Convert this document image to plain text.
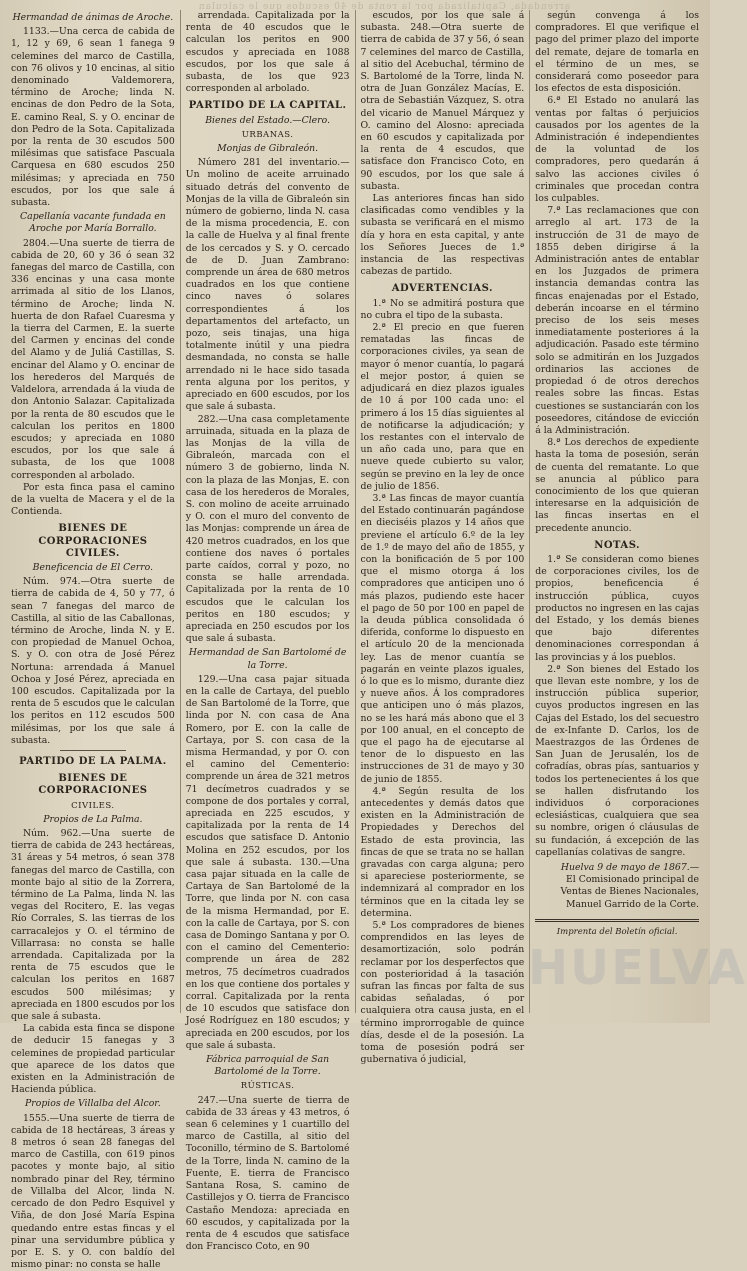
arrendada, Capitalizada por la renta de 40 escudos que le calculan
Hermandad de ánimas de Aroche.

1133.—Una cerca de cabida de 1, 12 y 69, 6 sean 1 fanega 9 celemines del marco de Castilla, con 76 olivos y 10 encinas, al sitio denominado Valdemorera, término de Aroche; linda N. encinas de don Pedro de la Sota, E. camino Real, S. y O. encinar de don Pedro de la Sota. Capitalizada por la renta de 30 escudos 500 milésimas que satisface Pascuala Carquesa en 680 escudos 250 milésimas; y apreciada en 750 escudos, por los que sale á subasta.

Capellanía vacante fundada en Aroche por María Borrallo.

2804.—Una suerte de tierra de cabida de 20, 60 y 36 ó sean 32 fanegas del marco de Castilla, con 336 encinas y una casa monte arrimada al sitio de los Llanos, término de Aroche; linda N. huerta de don Rafael Cuaresma y la tierra del Carmen, E. la suerte del Carmen y encinas del conde del Alamo y de Juliá Castillas, S. encinar del Alamo y O. encinar de los herederos del Marqués de Valdelora, arrendada á la viuda de don Antonio Salazar. Capitalizada por la renta de 80 escudos que le calculan los peritos en 1800 escudos; y apreciada en 1080 escudos, por los que sale á subasta, de los que 1008 corresponden al arbolado.

Por esta finca pasa el camino de la vuelta de Macera y el de la Contienda.

BIENES DE CORPORACIONES CIVILES.
Beneficencia de El Cerro.

Núm. 974.—Otra suerte de tierra de cabida de 4, 50 y 77, ó sean 7 fanegas del marco de Castilla, al sitio de las Caballonas, término de Aroche, linda N. y E. con propiedad de Manuel Ochoa, S. y O. con otra de José Pérez Nortuna: arrendada á Manuel Ochoa y José Pérez, apreciada en 100 escudos. Capitalizada por la renta de 5 escudos que le calculan los peritos en 112 escudos 500 milésimas, por los que sale á subasta.

PARTIDO DE LA PALMA.
BIENES DE CORPORACIONES
CIVILES.
Propios de La Palma.

Núm. 962.—Una suerte de tierra de cabida de 243 hectáreas, 31 áreas y 54 metros, ó sean 378 fanegas del marco de Castilla, con monte bajo al sitio de la Zorrera, término de La Palma, linda N. las vegas del Rocitero, E. las vegas Río Corrales, S. las tierras de los carracalejos y O. el término de Villarrasa: no consta se halle arrendada. Capitalizada por la renta de 75 escudos que le calculan los peritos en 1687 escudos 500 milésimas; y apreciada en 1800 escudos por los que sale á subasta.

La cabida esta finca se dispone de deducir 15 fanegas y 3 celemines de propiedad particular que aparece de los datos que existen en la Administración de Hacienda pública.

Propios de Villalba del Alcor.

1555.—Una suerte de tierra de cabida de 18 hectáreas, 3 áreas y 8 metros ó sean 28 fanegas del marco de Castilla, con 619 pinos pacotes y monte bajo, al sitio nombrado pinar del Rey, término de Villalba del Alcor, linda N. cercado de don Pedro Esquivel y Viña, de don José María Espina quedando entre estas fincas y el pinar una servidumbre pública y por E. S. y O. con baldío del mismo pinar: no consta se halle

arrendada. Capitalizada por la renta de 40 escudos que le calculan los peritos en 900 escudos y apreciada en 1088 escudos, por los que sale á subasta, de los que 923 corresponden al arbolado.

PARTIDO DE LA CAPITAL.
Bienes del Estado.—Clero.
URBANAS.
Monjas de Gibraleón.

Número 281 del inventario.—Un molino de aceite arruinado situado detrás del convento de Monjas de la villa de Gibraleón sin número de gobierno, linda N. casa de la misma procedencia, E. con la calle de Huelva y al final frente de los cercados y S. y O. cercado de de D. Juan Zambrano: comprende un área de 680 metros cuadrados en los que contiene cinco naves ó solares correspondientes á los departamentos del artefacto, un pozo, seis tinajas, una higa totalmente inútil y una piedra desmandada, no consta se halle arrendado ni le hace sido tasada renta alguna por los peritos, y apreciado en 600 escudos, por los que sale á subasta.

282.—Una casa completamente arruinada, situada en la plaza de las Monjas de la villa de Gibraleón, marcada con el número 3 de gobierno, linda N. con la plaza de las Monjas, E. con casa de los herederos de Morales, S. con molino de aceite arruinado y O. con el muro del convento de las Monjas: comprende un área de 420 metros cuadrados, en los que contiene dos naves ó portales parte caídos, corral y pozo, no consta se halle arrendada. Capitalizada por la renta de 10 escudos que le calculan los peritos en 180 escudos; y apreciada en 250 escudos por los que sale á subasta.

Hermandad de San Bartolomé de la Torre.

129.—Una casa pajar situada en la calle de Cartaya, del pueblo de San Bartolomé de la Torre, que linda por N. con casa de Ana Romero, por E. con la calle de Cartaya, por S. con casa de la misma Hermandad, y por O. con el camino del Cementerio: comprende un área de 321 metros 71 decímetros cuadrados y se compone de dos portales y corral, apreciada en 225 escudos, y capitalizada por la renta de 14 escudos que satisface D. Antonio Molina en 252 escudos, por los que sale á subasta. 130.—Una casa pajar situada en la calle de Cartaya de San Bartolomé de la Torre, que linda por N. con casa de la misma Hermandad, por E. con la calle de Cartaya, por S. con casa de Domingo Santana y por O. con el camino del Cementerio: comprende un área de 282 metros, 75 decímetros cuadrados en los que contiene dos portales y corral. Capitalizada por la renta de 10 escudos que satisface don José Rodríguez en 180 escudos; y apreciada en 200 escudos, por los que sale á subasta.

Fábrica parroquial de San Bartolomé de la Torre.
RÚSTICAS.

247.—Una suerte de tierra de cabida de 33 áreas y 43 metros, ó sean 6 celemines y 1 cuartillo del marco de Castilla, al sitio del Toconillo, término de S. Bartolomé de la Torre, linda N. camino de la Fuente, E. tierra de Francisco Santana Rosa, S. camino de Castillejos y O. tierra de Francisco Castaño Mendoza: apreciada en 60 escudos, y capitalizada por la renta de 4 escudos que satisface don Francisco Coto, en 90

escudos, por los que sale á subasta. 248.—Otra suerte de tierra de cabida de 37 y 56, ó sean 7 celemines del marco de Castilla, al sitio del Acebuchal, término de S. Bartolomé de la Torre, linda N. otra de Juan González Macías, E. otra de Sebastián Vázquez, S. otra del vicario de Manuel Márquez y O. camino del Alosno: apreciada en 60 escudos y capitalizada por la renta de 4 escudos, que satisface don Francisco Coto, en 90 escudos, por los que sale á subasta.

Las anteriores fincas han sido clasificadas como vendibles y la subasta se verificará en el mismo día y hora en esta capital, y ante los Señores Jueces de 1.ª instancia de las respectivas cabezas de partido.

ADVERTENCIAS.

1.ª No se admitirá postura que no cubra el tipo de la subasta.

2.ª El precio en que fueren rematadas las fincas de corporaciones civiles, ya sean de mayor ó menor cuantía, lo pagará el mejor postor, á quien se adjudicará en diez plazos iguales de 10 á por 100 cada uno: el primero á los 15 días siguientes al de notificarse la adjudicación; y los restantes con el intervalo de un año cada uno, para que en nueve quede cubierto su valor, según se previno en la ley de once de julio de 1856.

3.ª Las fincas de mayor cuantía del Estado continuarán pagándose en dieciséis plazos y 14 años que previene el artículo 6.º de la ley de 1.º de mayo del año de 1855, y con la bonificación de 5 por 100 que el mismo otorga á los compradores que anticipen uno ó más plazos, pudiendo este hacer el pago de 50 por 100 en papel de la deuda pública consolidada ó diferida, conforme lo dispuesto en el artículo 20 de la mencionada ley. Las de menor cuantía se pagarán en veinte plazos iguales, ó lo que es lo mismo, durante diez y nueve años. Á los compradores que anticipen uno ó más plazos, no se les hará más abono que el 3 por 100 anual, en el concepto de que el pago ha de ejecutarse al tenor de lo dispuesto en las instrucciones de 31 de mayo y 30 de junio de 1855.

4.ª Según resulta de los antecedentes y demás datos que existen en la Administración de Propiedades y Derechos del Estado de esta provincia, las fincas de que se trata no se hallan gravadas con carga alguna; pero si apareciese posteriormente, se indemnizará al comprador en los términos que en la citada ley se determina.

5.ª Los compradores de bienes comprendidos en las leyes de desamortización, solo podrán reclamar por los desperfectos que con posterioridad á la tasación sufran las fincas por falta de sus cabidas señaladas, ó por cualquiera otra causa justa, en el término improrrogable de quince días, desde el de la posesión. La toma de posesión podrá ser gubernativa ó judicial,

según convenga á los compradores. El que verifique el pago del primer plazo del importe del remate, dejare de tomarla en el término de un mes, se considerará como poseedor para los efectos de esta disposición.

6.ª El Estado no anulará las ventas por faltas ó perjuicios causados por los agentes de la Administración é independientes de la voluntad de los compradores, pero quedarán á salvo las acciones civiles ó criminales que procedan contra los culpables.

7.ª Las reclamaciones que con arreglo al art. 173 de la instrucción de 31 de mayo de 1855 deben dirigirse á la Administración antes de entablar en los Juzgados de primera instancia demandas contra las fincas enajenadas por el Estado, deberán incoarse en el término preciso de los seis meses inmediatamente posteriores á la adjudicación. Pasado este término solo se admitirán en los Juzgados ordinarios las acciones de propiedad ó de otros derechos reales sobre las fincas. Estas cuestiones se sustanciarán con los poseedores, citándose de evicción á la Administración.

8.ª Los derechos de expediente hasta la toma de posesión, serán de cuenta del rematante. Lo que se anuncia al público para conocimiento de los que quieran interesarse en la adquisición de las fincas insertas en el precedente anuncio.

NOTAS.

1.ª Se consideran como bienes de corporaciones civiles, los de propios, beneficencia é instrucción pública, cuyos productos no ingresen en las cajas del Estado, y los demás bienes que bajo diferentes denominaciones correspondan á las provincias y á los pueblos.

2.ª Son bienes del Estado los que llevan este nombre, y los de instrucción pública superior, cuyos productos ingresen en las Cajas del Estado, los del secuestro de ex-Infante D. Carlos, los de Maestrazgos de las Órdenes de San Juan de Jerusalén, los de cofradías, obras pías, santuarios y todos los pertenecientes á los que se hallen disfrutando los individuos ó corporaciones eclesiásticas, cualquiera que sea su nombre, origen ó cláusulas de su fundación, á excepción de las capellanías colativas de sangre.

Huelva 9 de mayo de 1867.—

El Comisionado principal de Ventas de Bienes Nacionales, Manuel Garrido de la Corte.

Imprenta del Boletín oficial.
HUELVA
